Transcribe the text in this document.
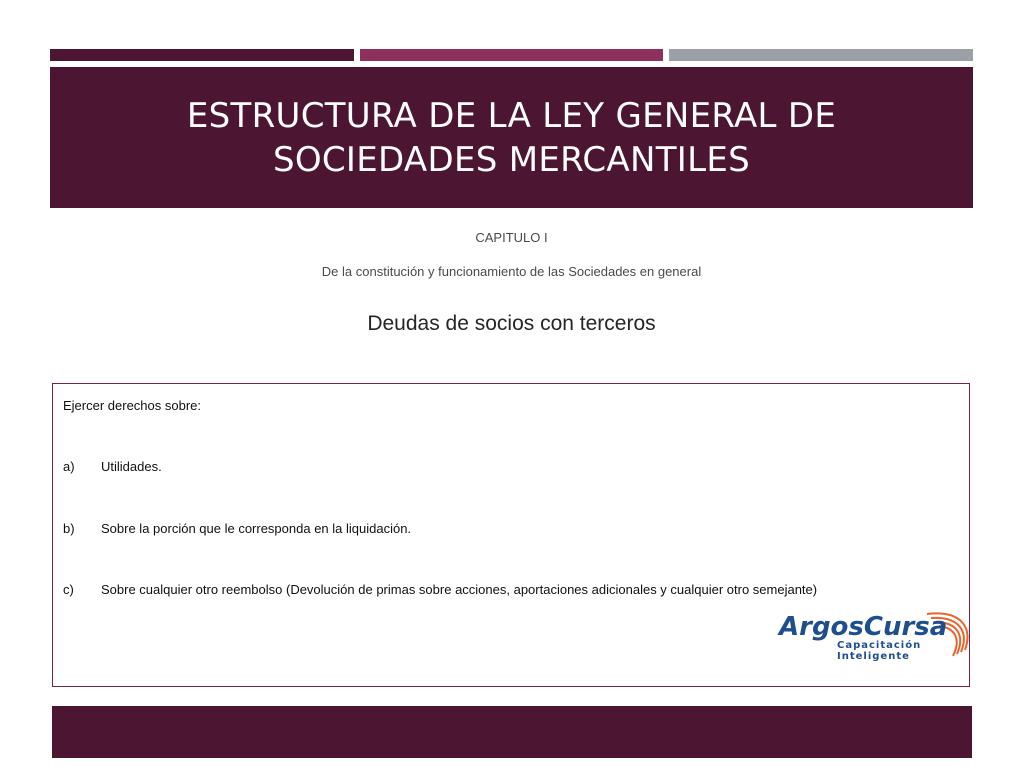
ESTRUCTURA DE LA LEY GENERAL DE SOCIEDADES MERCANTILES
CAPITULO I
De la constitución y funcionamiento de las Sociedades en general
Deudas de socios con terceros
Ejercer derechos sobre:
a)	Utilidades.
b)	Sobre la porción que le corresponda en la liquidación.
c)	Sobre cualquier otro reembolso (Devolución de primas sobre acciones, aportaciones adicionales y cualquier otro semejante)
ArgosCursa
Capacitación
Inteligente
